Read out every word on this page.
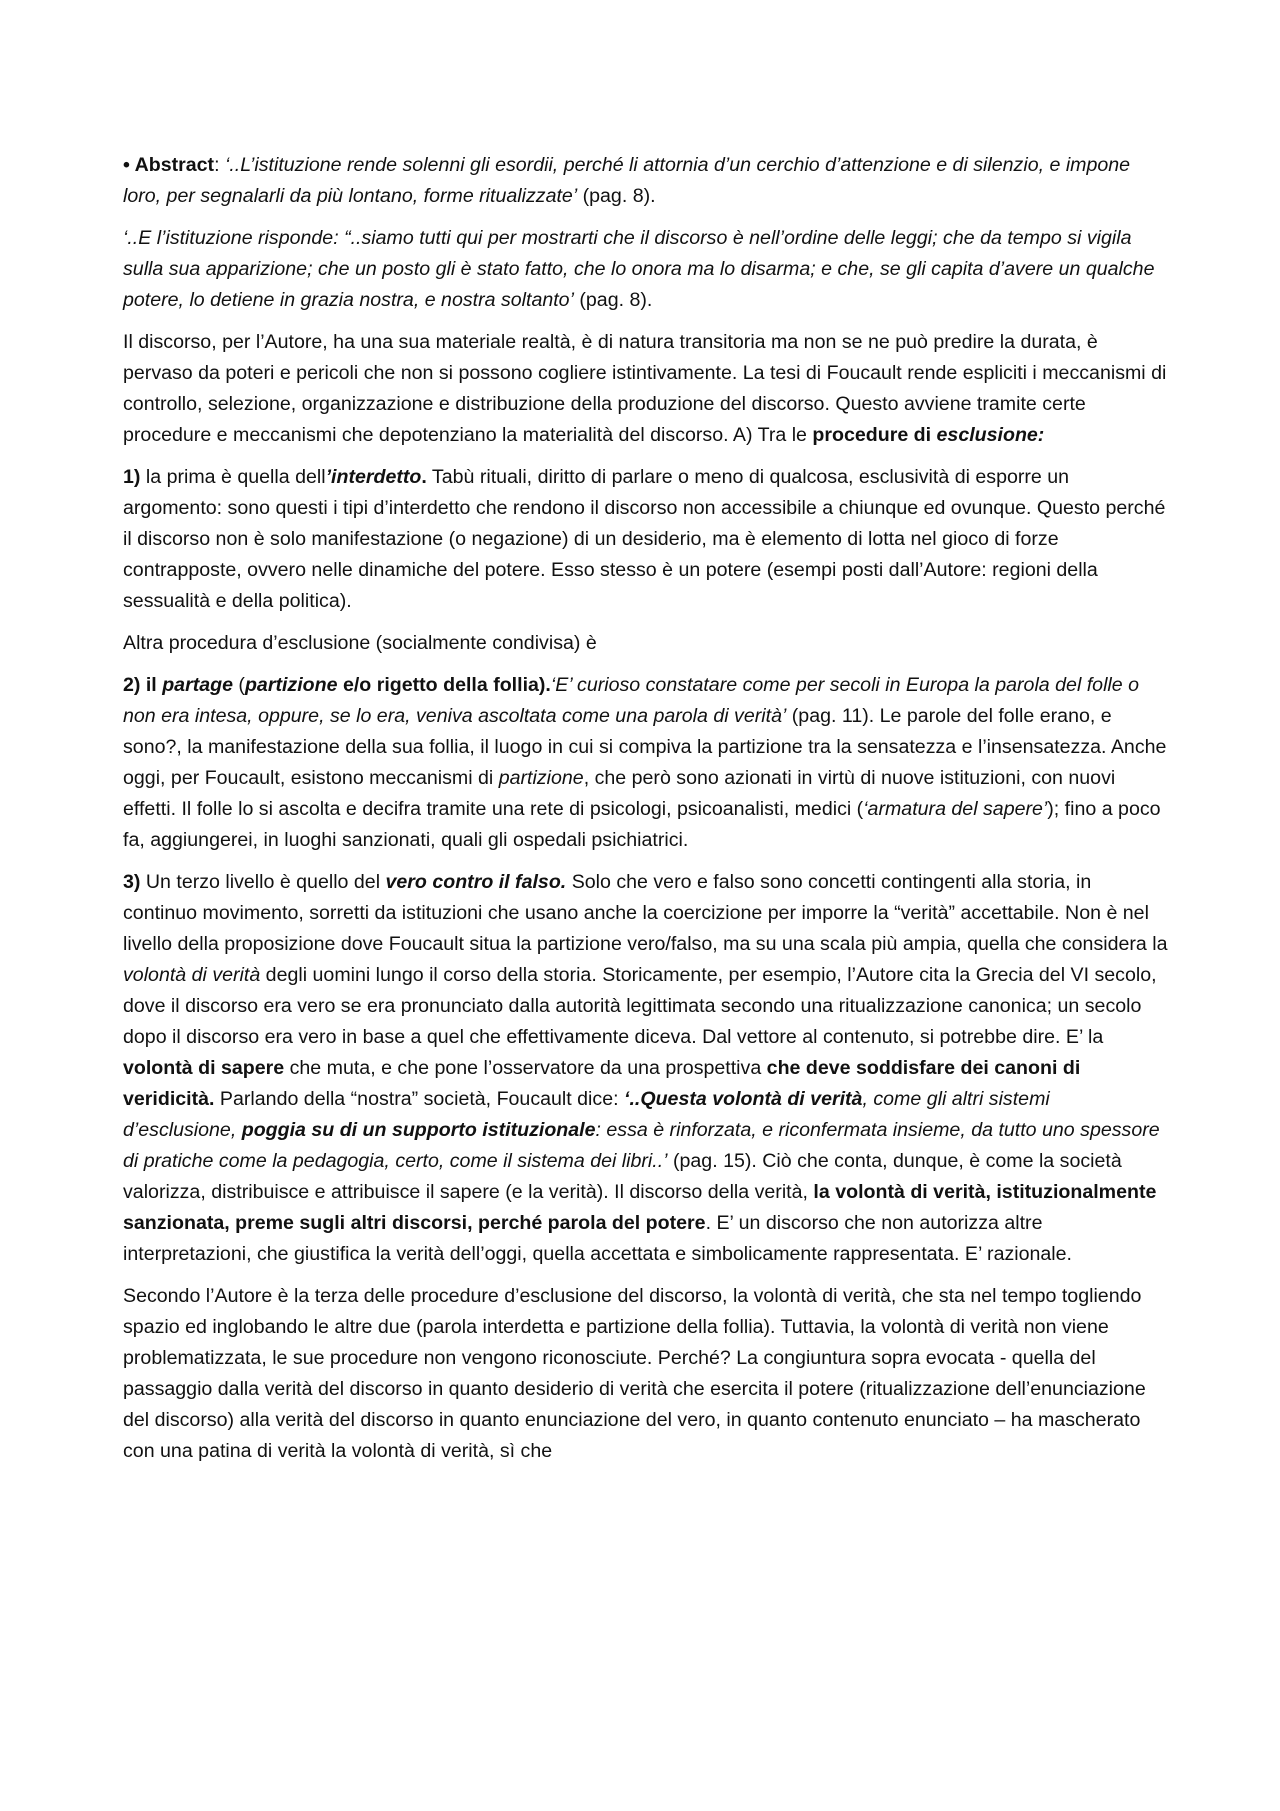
• Abstract: ‘..L’istituzione rende solenni gli esordii, perché li attornia d’un cerchio d’attenzione e di silenzio, e impone loro, per segnalarli da più lontano, forme ritualizzate’ (pag. 8).

‘..E l’istituzione risponde: “..siamo tutti qui per mostrarti che il discorso è nell’ordine delle leggi; che da tempo si vigila sulla sua apparizione; che un posto gli è stato fatto, che lo onora ma lo disarma; e che, se gli capita d’avere un qualche potere, lo detiene in grazia nostra, e nostra soltanto’ (pag. 8).

Il discorso, per l’Autore, ha una sua materiale realtà, è di natura transitoria ma non se ne può predire la durata, è pervaso da poteri e pericoli che non si possono cogliere istintivamente. La tesi di Foucault rende espliciti i meccanismi di controllo, selezione, organizzazione e distribuzione della produzione del discorso. Questo avviene tramite certe procedure e meccanismi che depotenziano la materialità del discorso. A) Tra le procedure di esclusione:

1) la prima è quella dell’interdetto. Tabù rituali, diritto di parlare o meno di qualcosa, esclusività di esporre un argomento: sono questi i tipi d’interdetto che rendono il discorso non accessibile a chiunque ed ovunque. Questo perché il discorso non è solo manifestazione (o negazione) di un desiderio, ma è elemento di lotta nel gioco di forze contrapposte, ovvero nelle dinamiche del potere. Esso stesso è un potere (esempi posti dall’Autore: regioni della sessualità e della politica).

Altra procedura d’esclusione (socialmente condivisa) è

2) il partage (partizione e/o rigetto della follia).‘E’ curioso constatare come per secoli in Europa la parola del folle o non era intesa, oppure, se lo era, veniva ascoltata come una parola di verità’ (pag. 11). Le parole del folle erano, e sono?, la manifestazione della sua follia, il luogo in cui si compiva la partizione tra la sensatezza e l’insensatezza. Anche oggi, per Foucault, esistono meccanismi di partizione, che però sono azionati in virtù di nuove istituzioni, con nuovi effetti. Il folle lo si ascolta e decifra tramite una rete di psicologi, psicoanalisti, medici (‘armatura del sapere’); fino a poco fa, aggiungerei, in luoghi sanzionati, quali gli ospedali psichiatrici.

3) Un terzo livello è quello del vero contro il falso. Solo che vero e falso sono concetti contingenti alla storia, in continuo movimento, sorretti da istituzioni che usano anche la coercizione per imporre la “verità” accettabile. Non è nel livello della proposizione dove Foucault situa la partizione vero/falso, ma su una scala più ampia, quella che considera la volontà di verità degli uomini lungo il corso della storia. Storicamente, per esempio, l’Autore cita la Grecia del VI secolo, dove il discorso era vero se era pronunciato dalla autorità legittimata secondo una ritualizzazione canonica; un secolo dopo il discorso era vero in base a quel che effettivamente diceva. Dal vettore al contenuto, si potrebbe dire. E’ la volontà di sapere che muta, e che pone l’osservatore da una prospettiva che deve soddisfare dei canoni di veridicità. Parlando della “nostra” società, Foucault dice: ‘..Questa volontà di verità, come gli altri sistemi d’esclusione, poggia su di un supporto istituzionale: essa è rinforzata, e riconfermata insieme, da tutto uno spessore di pratiche come la pedagogia, certo, come il sistema dei libri..’ (pag. 15). Ciò che conta, dunque, è come la società valorizza, distribuisce e attribuisce il sapere (e la verità). Il discorso della verità, la volontà di verità, istituzionalmente sanzionata, preme sugli altri discorsi, perché parola del potere. E’ un discorso che non autorizza altre interpretazioni, che giustifica la verità dell’oggi, quella accettata e simbolicamente rappresentata. E’ razionale.

Secondo l’Autore è la terza delle procedure d’esclusione del discorso, la volontà di verità, che sta nel tempo togliendo spazio ed inglobando le altre due (parola interdetta e partizione della follia). Tuttavia, la volontà di verità non viene problematizzata, le sue procedure non vengono riconosciute. Perché? La congiuntura sopra evocata - quella del passaggio dalla verità del discorso in quanto desiderio di verità che esercita il potere (ritualizzazione dell’enunciazione del discorso) alla verità del discorso in quanto enunciazione del vero, in quanto contenuto enunciato – ha mascherato con una patina di verità la volontà di verità, sì che
